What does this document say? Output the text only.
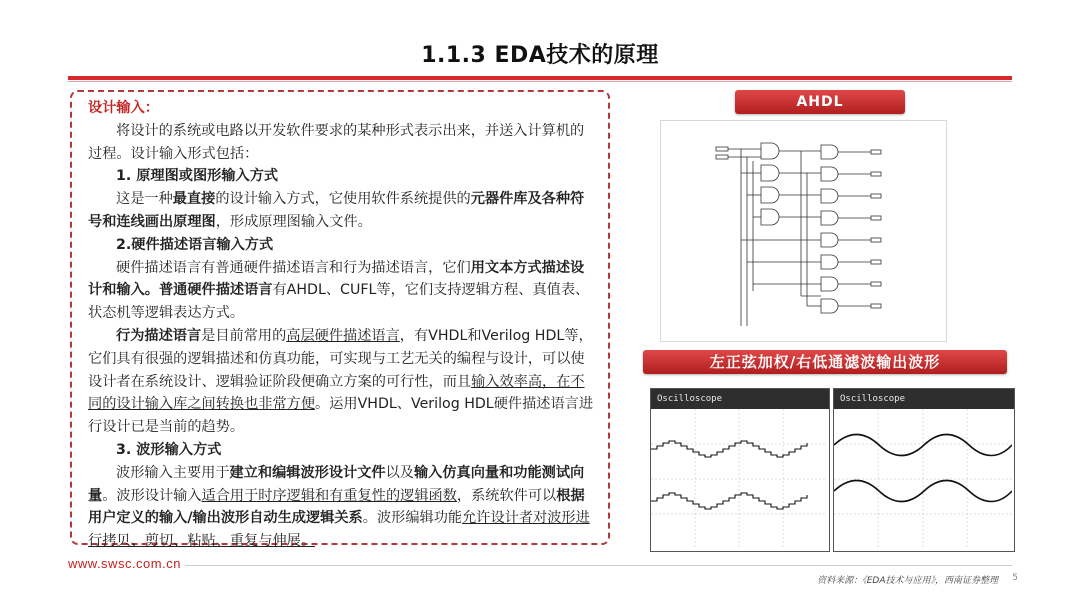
1.1.3 EDA技术的原理

设计输入：

将设计的系统或电路以开发软件要求的某种形式表示出来，并送入计算机的过程。设计输入形式包括：

1. 原理图或图形输入方式

这是一种最直接的设计输入方式，它使用软件系统提供的元器件库及各种符号和连线画出原理图，形成原理图输入文件。

2.硬件描述语言输入方式

硬件描述语言有普通硬件描述语言和行为描述语言，它们用文本方式描述设计和输入。普通硬件描述语言有AHDL、CUFL等，它们支持逻辑方程、真值表、状态机等逻辑表达方式。

行为描述语言是目前常用的高层硬件描述语言，有VHDL和Verilog HDL等，它们具有很强的逻辑描述和仿真功能，可实现与工艺无关的编程与设计，可以使设计者在系统设计、逻辑验证阶段便确立方案的可行性，而且输入效率高，在不同的设计输入库之间转换也非常方便。运用VHDL、Verilog HDL硬件描述语言进行设计已是当前的趋势。

3. 波形输入方式

波形输入主要用于建立和编辑波形设计文件以及输入仿真向量和功能测试向量。波形设计输入适合用于时序逻辑和有重复性的逻辑函数，系统软件可以根据用户定义的输入/输出波形自动生成逻辑关系。波形编辑功能允许设计者对波形进行拷贝、剪切、粘贴、重复与伸展。

AHDL
左正弦加权/右低通滤波输出波形
Oscilloscope	Oscilloscope
www.swsc.com.cn
资料来源：《EDA技术与应用》，西南证券整理 5
